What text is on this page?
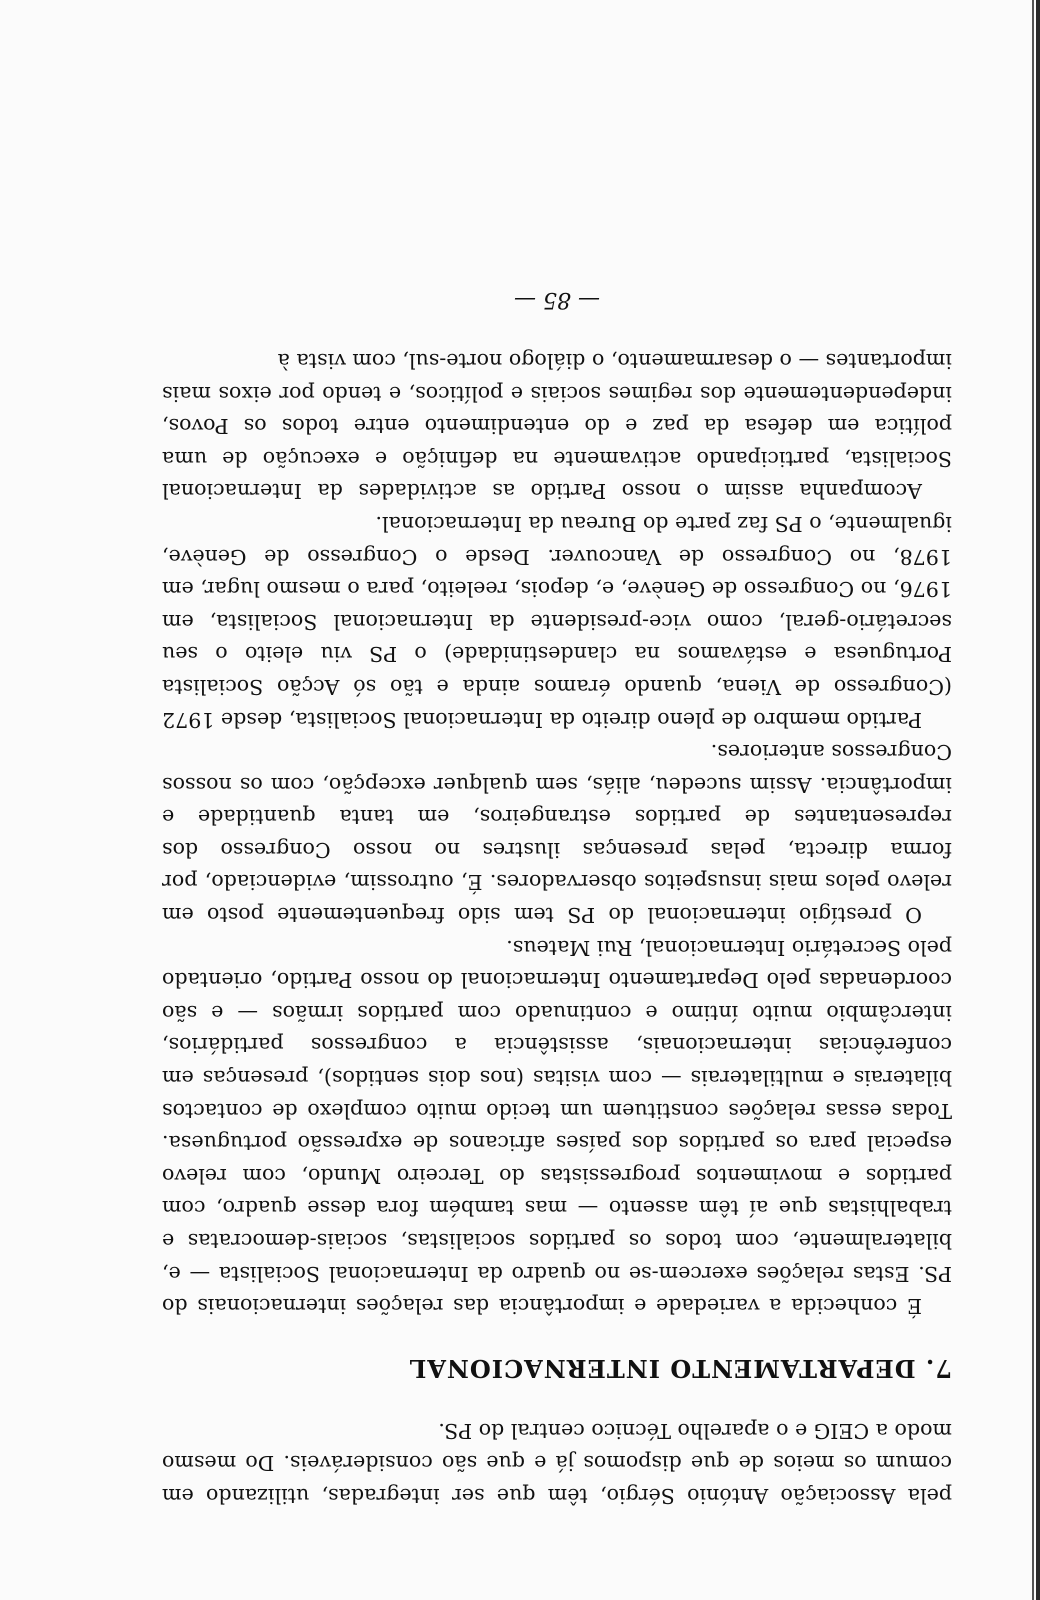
pela Associação António Sérgio, têm que ser integradas, utilizando em comum os meios de que dispomos já e que são consideráveis. Do mesmo modo a CEIG e o aparelho Técnico central do PS.

7. DEPARTAMENTO INTERNACIONAL

É conhecida a variedade e importância das relações internacionais do PS. Estas relações exercem-se no quadro da Internacional Socialista — e, bilateralmente, com todos os partidos socialistas, sociais-democratas e trabalhistas que aí têm assento — mas também fora desse quadro, com partidos e movimentos progressistas do Terceiro Mundo, com relevo especial para os partidos dos países africanos de expressão portuguesa. Todas essas relações constituem um tecido muito complexo de contactos bilaterais e multilaterais — com visitas (nos dois sentidos), presenças em conferências internacionais, assistência a congressos partidários, intercâmbio muito íntimo e continuado com partidos irmãos — e são coordenadas pelo Departamento Internacional do nosso Partido, orientado pelo Secretário Internacional, Rui Mateus.

O prestígio internacional do PS tem sido frequentemente posto em relevo pelos mais insuspeitos observadores. É, outrossim, evidenciado, por forma directa, pelas presenças ilustres no nosso Congresso dos representantes de partidos estrangeiros, em tanta quantidade e importância. Assim sucedeu, aliás, sem qualquer excepção, com os nossos Congressos anteriores.

Partido membro de pleno direito da Internacional Socialista, desde 1972 (Congresso de Viena, quando éramos ainda e tão só Acção Socialista Portuguesa e estávamos na clandestinidade) o PS viu eleito o seu secretário-geral, como vice-presidente da Internacional Socialista, em 1976, no Congresso de Genève, e, depois, reeleito, para o mesmo lugar, em 1978, no Congresso de Vancouver. Desde o Congresso de Genève, igualmente, o PS faz parte do Bureau da Internacional.

Acompanha assim o nosso Partido as actividades da Internacional Socialista, participando activamente na definição e execução de uma política em defesa da paz e do entendimento entre todos os Povos, independentemente dos regimes sociais e políticos, e tendo por eixos mais importantes — o desarmamento, o diálogo norte-sul, com vista à

— 85 —
